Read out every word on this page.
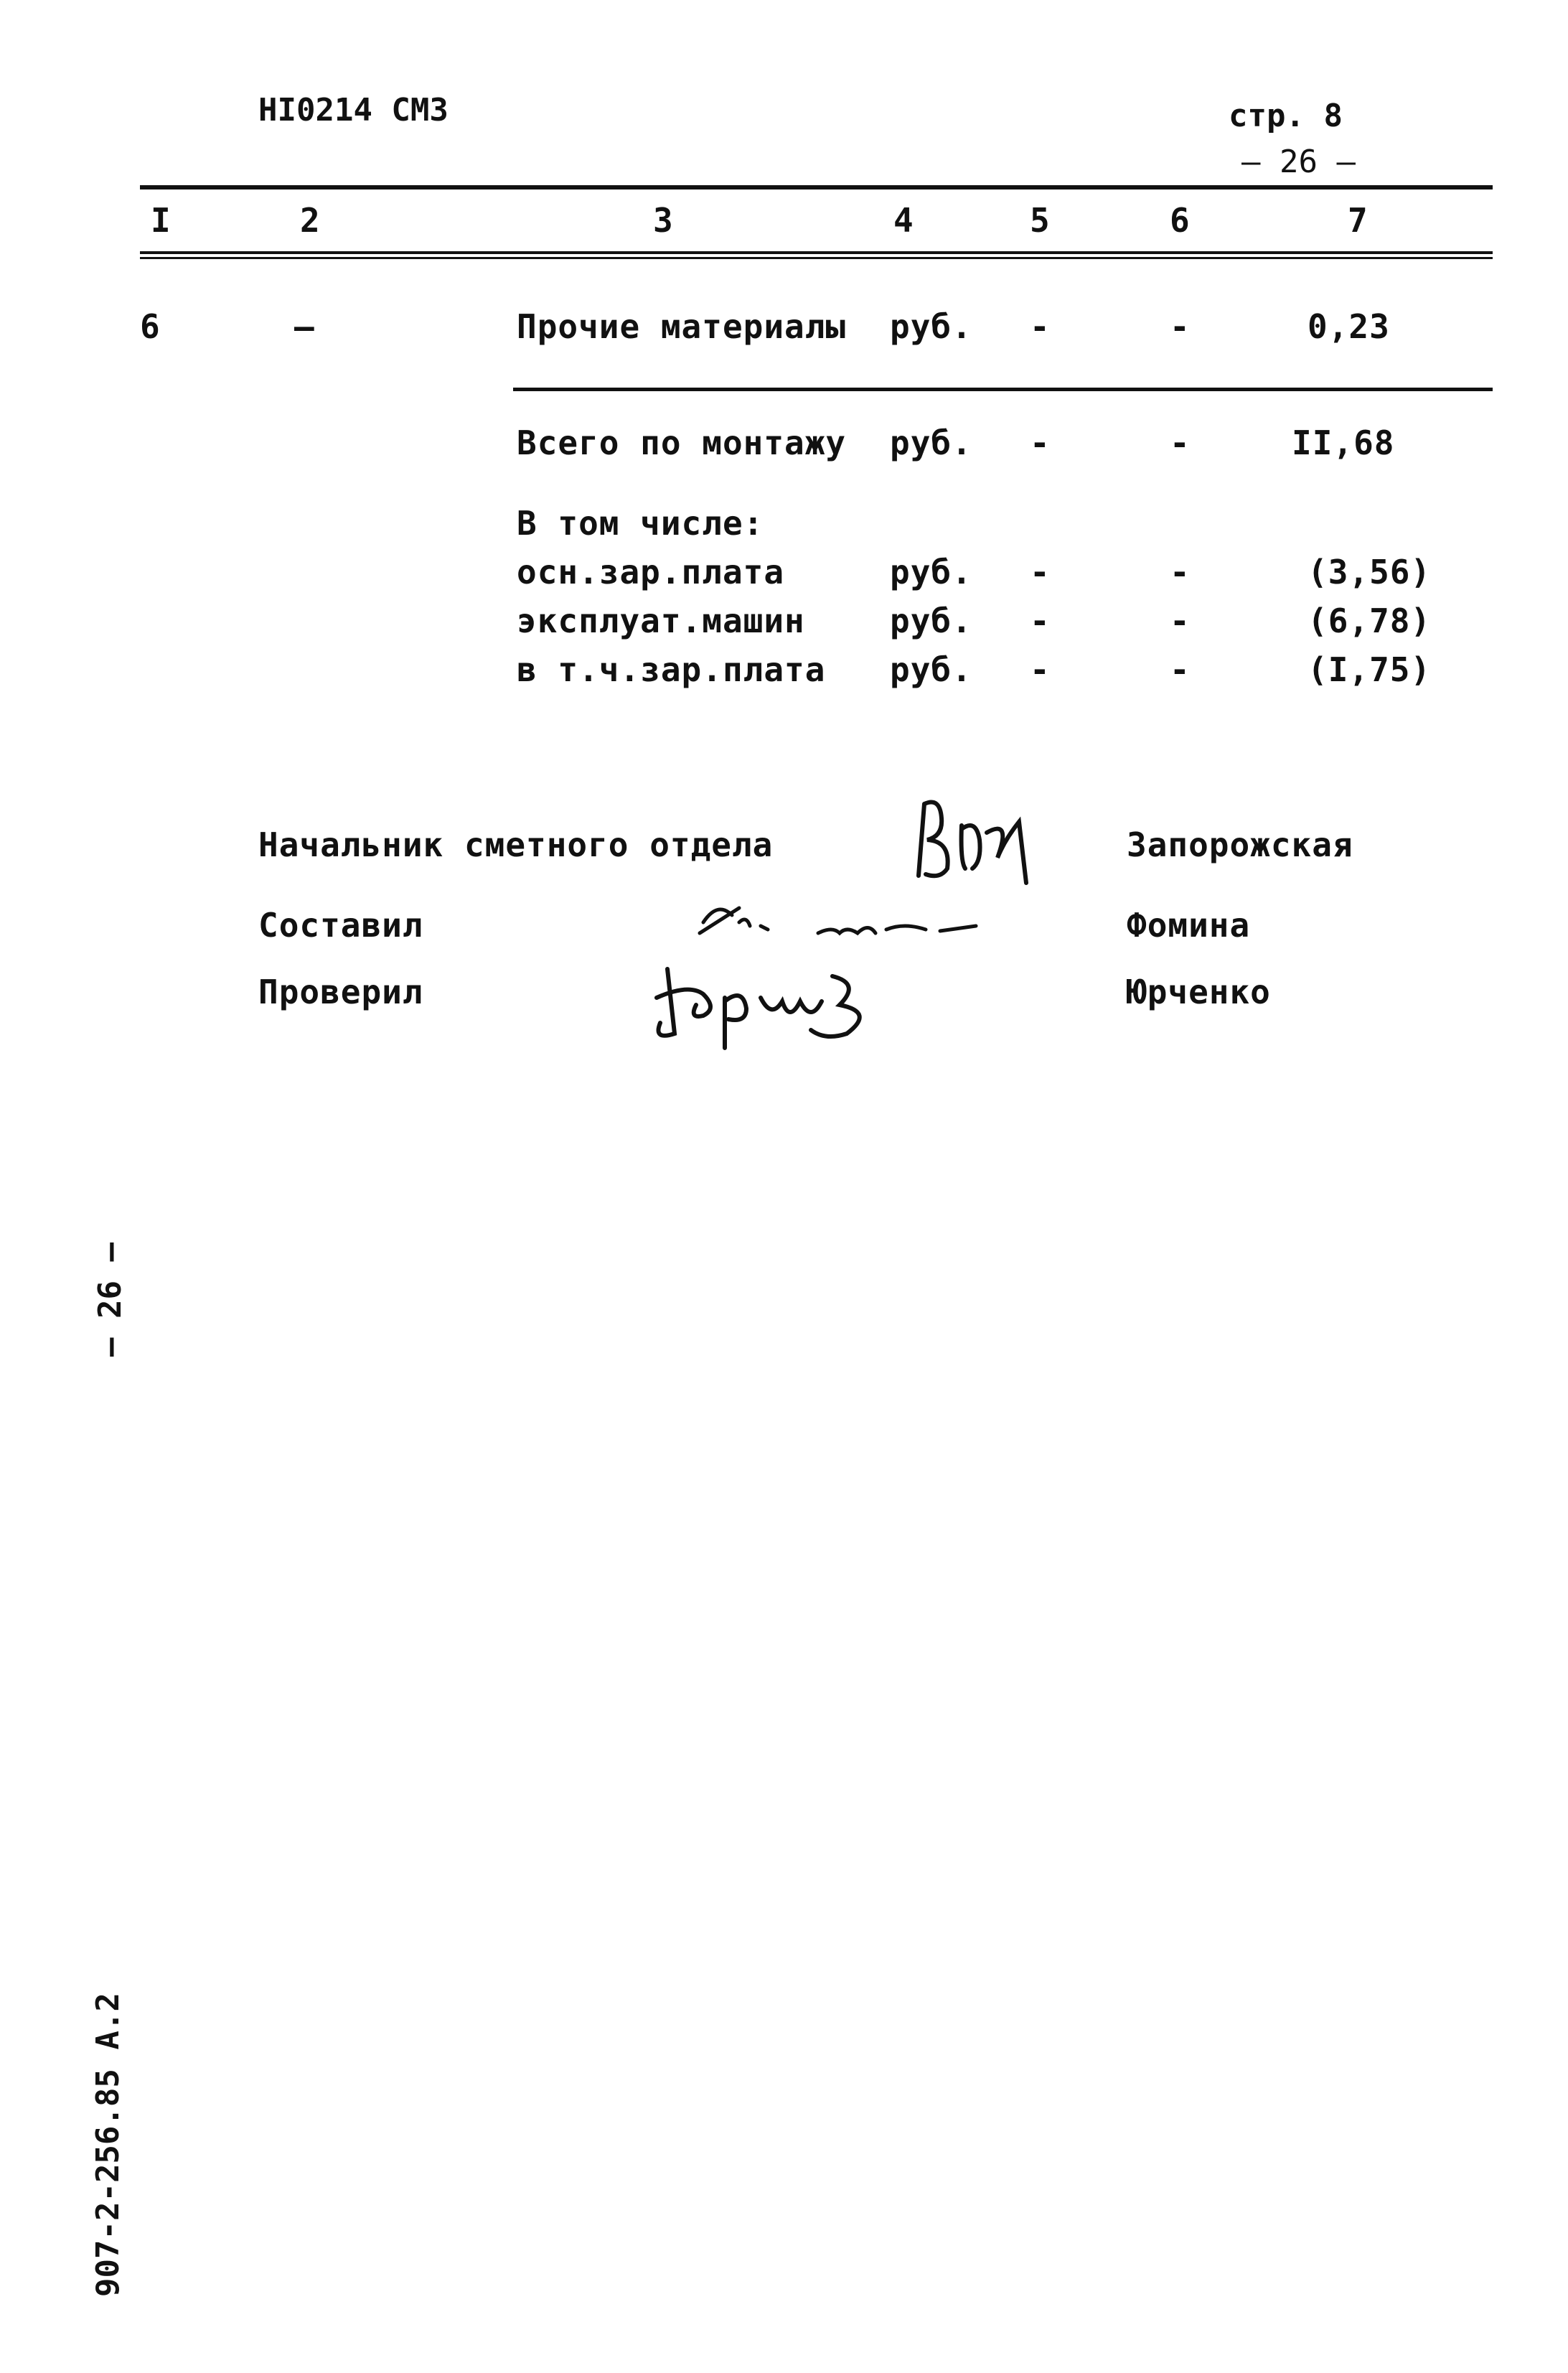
НІ0214 СМЗ	стр. 8
— 26 —
I	2	3	4	5	6	7
6	—	Прочие материалы руб. -	-	0,23
Всего по монтажу руб. -	-	II,68
В том числе:
осн.зар.плата	руб. -	-	(3,56)
эксплуат.машин	руб. -	-	(6,78)
в т.ч.зар.плата руб. -	-	(I,75)
Начальник сметного отдела	Запорожская
Составил	Фомина
Проверил	Юрченко
— 26 —
907-2-256.85 А.2
